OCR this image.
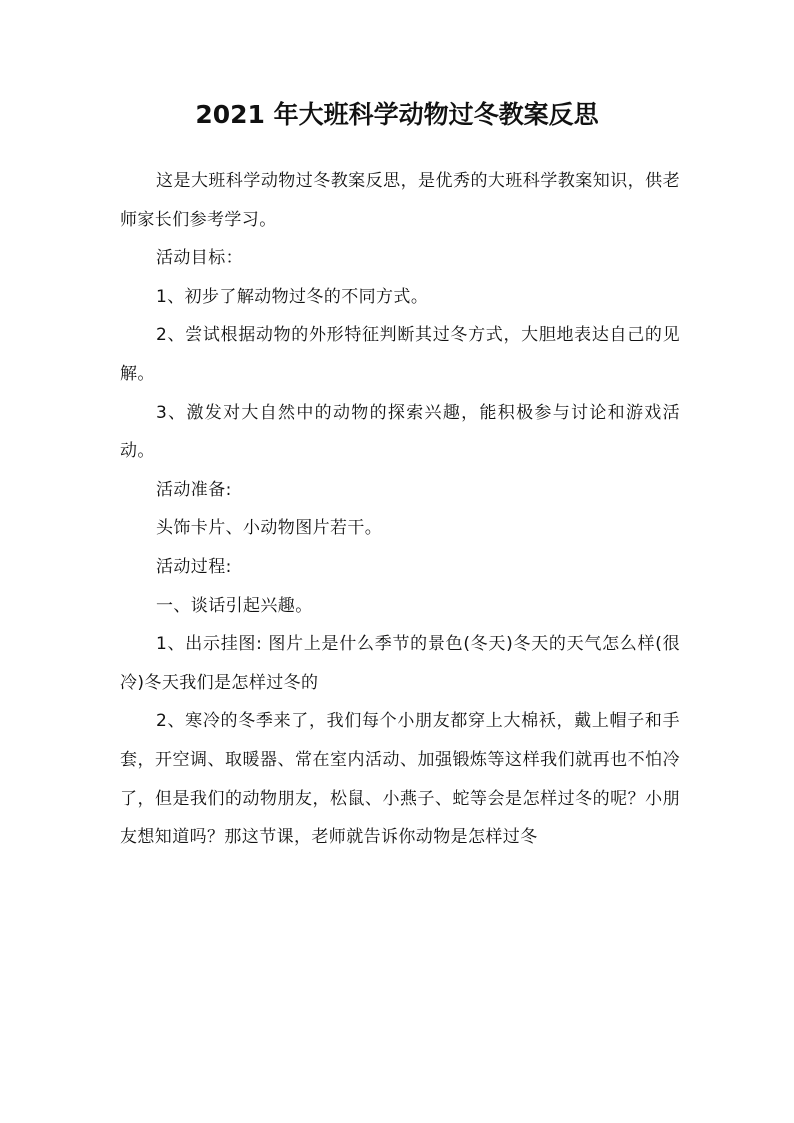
2021 年大班科学动物过冬教案反思

这是大班科学动物过冬教案反思，是优秀的大班科学教案知识，供老师家长们参考学习。

活动目标：

1、初步了解动物过冬的不同方式。

2、尝试根据动物的外形特征判断其过冬方式，大胆地表达自己的见解。

3、激发对大自然中的动物的探索兴趣，能积极参与讨论和游戏活动。

活动准备:

头饰卡片、小动物图片若干。

活动过程:

一、谈话引起兴趣。

1、出示挂图: 图片上是什么季节的景色(冬天)冬天的天气怎么样(很冷)冬天我们是怎样过冬的

2、寒冷的冬季来了，我们每个小朋友都穿上大棉袄，戴上帽子和手套，开空调、取暖器、常在室内活动、加强锻炼等这样我们就再也不怕冷了，但是我们的动物朋友，松鼠、小燕子、蛇等会是怎样过冬的呢？小朋友想知道吗？那这节课，老师就告诉你动物是怎样过冬
